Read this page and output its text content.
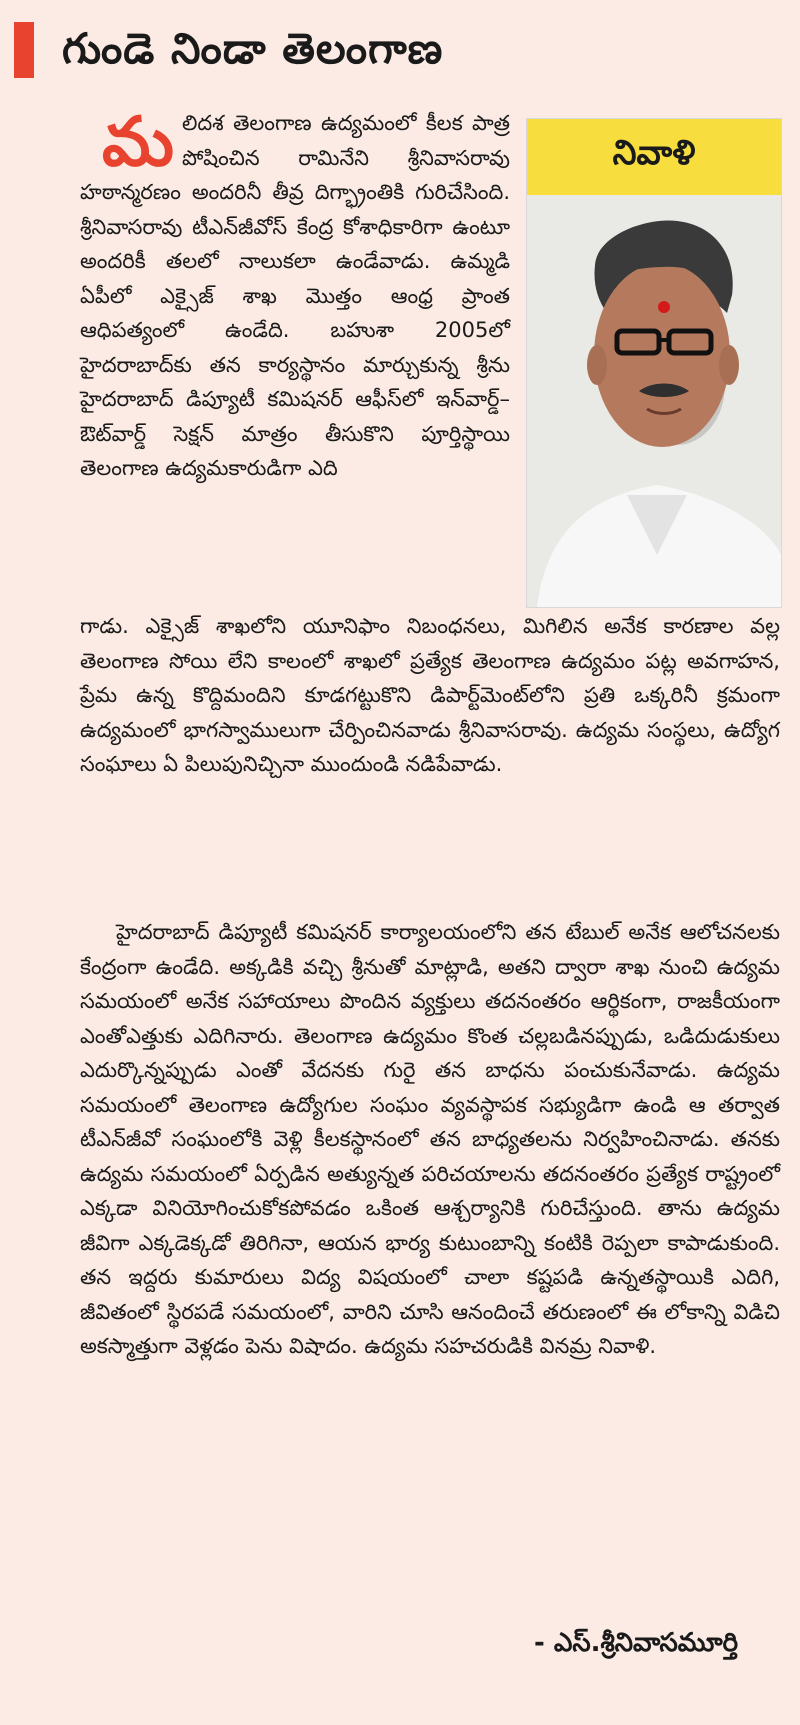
గుండె నిండా తెలంగాణ
నివాళి

మలిదశ తెలంగాణ ఉద్యమంలో కీలక పాత్ర పోషించిన రామినేని శ్రీనివాసరావు హఠాన్మరణం అందరినీ తీవ్ర దిగ్భ్రాంతికి గురిచేసింది. శ్రీనివాసరావు టీఎన్‌జీవోస్ కేంద్ర కోశాధికారిగా ఉంటూ అందరికీ తలలో నాలుకలా ఉండేవాడు. ఉమ్మడి ఏపీలో ఎక్సైజ్ శాఖ మొత్తం ఆంధ్ర ప్రాంత ఆధిపత్యంలో ఉండేది. బహుశా 2005లో హైదరాబాద్‌కు తన కార్యస్థానం మార్చుకున్న శ్రీను హైదరాబాద్ డిప్యూటీ కమిషనర్ ఆఫీస్‌లో ఇన్‌వార్డ్–ఔట్‌వార్డ్ సెక్షన్ మాత్రం తీసుకొని పూర్తిస్థాయి తెలంగాణ ఉద్యమకారుడిగా ఎది

గాడు. ఎక్సైజ్ శాఖలోని యూనిఫాం నిబంధనలు, మిగిలిన అనేక కారణాల వల్ల తెలంగాణ సోయి లేని కాలంలో శాఖలో ప్రత్యేక తెలంగాణ ఉద్యమం పట్ల అవగాహన, ప్రేమ ఉన్న కొద్దిమందిని కూడగట్టుకొని డిపార్ట్‌మెంట్‌లోని ప్రతి ఒక్కరినీ క్రమంగా ఉద్యమంలో భాగస్వాములుగా చేర్పించినవాడు శ్రీనివాసరావు. ఉద్యమ సంస్థలు, ఉద్యోగ సంఘాలు ఏ పిలుపునిచ్చినా ముందుండి నడిపేవాడు.

హైదరాబాద్ డిప్యూటీ కమిషనర్ కార్యాలయంలోని తన టేబుల్ అనేక ఆలోచనలకు కేంద్రంగా ఉండేది. అక్కడికి వచ్చి శ్రీనుతో మాట్లాడి, అతని ద్వారా శాఖ నుంచి ఉద్యమ సమయంలో అనేక సహాయాలు పొందిన వ్యక్తులు తదనంతరం ఆర్థికంగా, రాజకీయంగా ఎంతోఎత్తుకు ఎదిగినారు. తెలంగాణ ఉద్యమం కొంత చల్లబడినప్పుడు, ఒడిదుడుకులు ఎదుర్కొన్నప్పుడు ఎంతో వేదనకు గురై తన బాధను పంచుకునేవాడు. ఉద్యమ సమయంలో తెలంగాణ ఉద్యోగుల సంఘం వ్యవస్థాపక సభ్యుడిగా ఉండి ఆ తర్వాత టీఎన్‌జీవో సంఘంలోకి వెళ్లి కీలకస్థానంలో తన బాధ్యతలను నిర్వహించినాడు. తనకు ఉద్యమ సమయంలో ఏర్పడిన అత్యున్నత పరిచయాలను తదనంతరం ప్రత్యేక రాష్ట్రంలో ఎక్కడా వినియోగించుకోకపోవడం ఒకింత ఆశ్చర్యానికి గురిచేస్తుంది. తాను ఉద్యమ జీవిగా ఎక్కడెక్కడో తిరిగినా, ఆయన భార్య కుటుంబాన్ని కంటికి రెప్పలా కాపాడుకుంది. తన ఇద్దరు కుమారులు విద్య విషయంలో చాలా కష్టపడి ఉన్నతస్థాయికి ఎదిగి, జీవితంలో స్థిరపడే సమయంలో, వారిని చూసి ఆనందించే తరుణంలో ఈ లోకాన్ని విడిచి అకస్మాత్తుగా వెళ్లడం పెను విషాదం. ఉద్యమ సహచరుడికి వినమ్ర నివాళి.

- ఎస్.శ్రీనివాసమూర్తి
